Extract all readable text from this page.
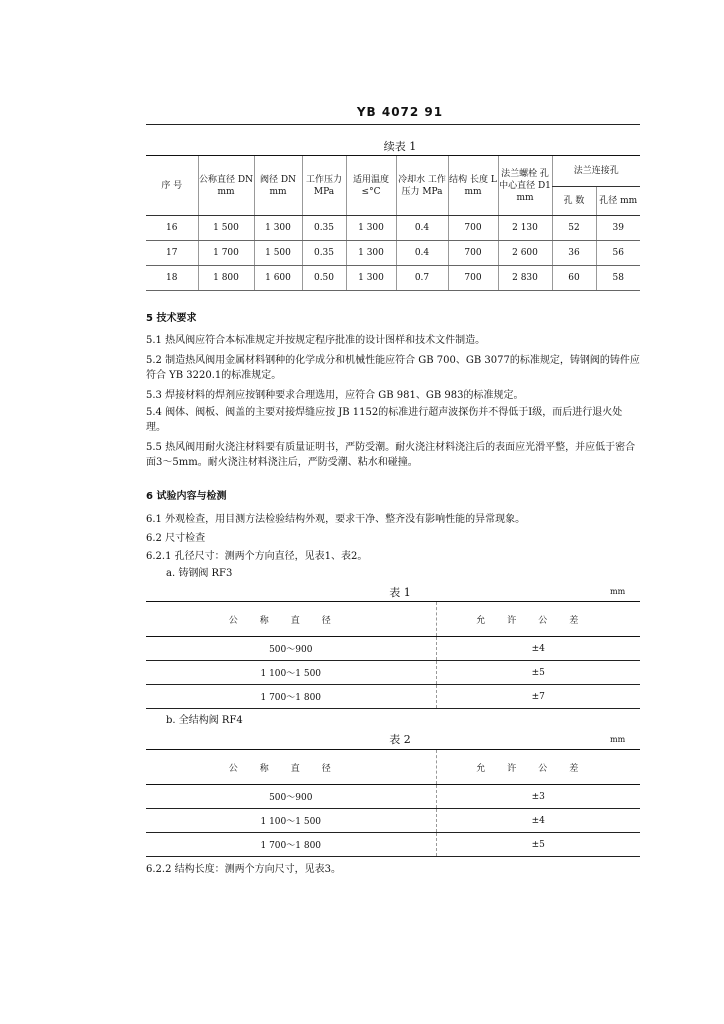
YB 4072 91
续表 1
序 号	公称直径 DN mm	阀径 DN mm	工作压力 MPa	适用温度 ≤°C	冷却水 工作压力 MPa	结构 长度 L mm	法兰螺栓 孔中心直径 D1 mm	法兰连接孔	
								孔 数	孔径 mm
16	1 500	1 300	0.35	1 300	0.4	700	2 130	52	39
17	1 700	1 500	0.35	1 300	0.4	700	2 600	36	56
18	1 800	1 600	0.50	1 300	0.7	700	2 830	60	58
5 技术要求
5.1 热风阀应符合本标准规定并按规定程序批准的设计图样和技术文件制造。
5.2 制造热风阀用金属材料钢种的化学成分和机械性能应符合 GB 700、GB 3077的标准规定，铸钢阀的铸件应符合 YB 3220.1的标准规定。
5.3 焊接材料的焊剂应按钢种要求合理选用，应符合 GB 981、GB 983的标准规定。
5.4 阀体、阀板、阀盖的主要对接焊缝应按 JB 1152的标准进行超声波探伤并不得低于Ⅰ级，而后进行退火处理。
5.5 热风阀用耐火浇注材料要有质量证明书，严防受潮。耐火浇注材料浇注后的表面应光滑平整，并应低于密合面3～5mm。耐火浇注材料浇注后，严防受潮、粘水和碰撞。
6 试验内容与检测
6.1 外观检查，用目测方法检验结构外观，要求干净、整齐没有影响性能的异常现象。
6.2 尺寸检查
6.2.1 孔径尺寸：测两个方向直径，见表1、表2。
a. 铸钢阀 RF3
表 1	mm
公称直径	允许公差
500～900	±4
1 100～1 500	±5
1 700～1 800	±7
b. 全结构阀 RF4
表 2	mm
公称直径	允许公差
500～900	±3
1 100～1 500	±4
1 700～1 800	±5
6.2.2 结构长度：测两个方向尺寸，见表3。
